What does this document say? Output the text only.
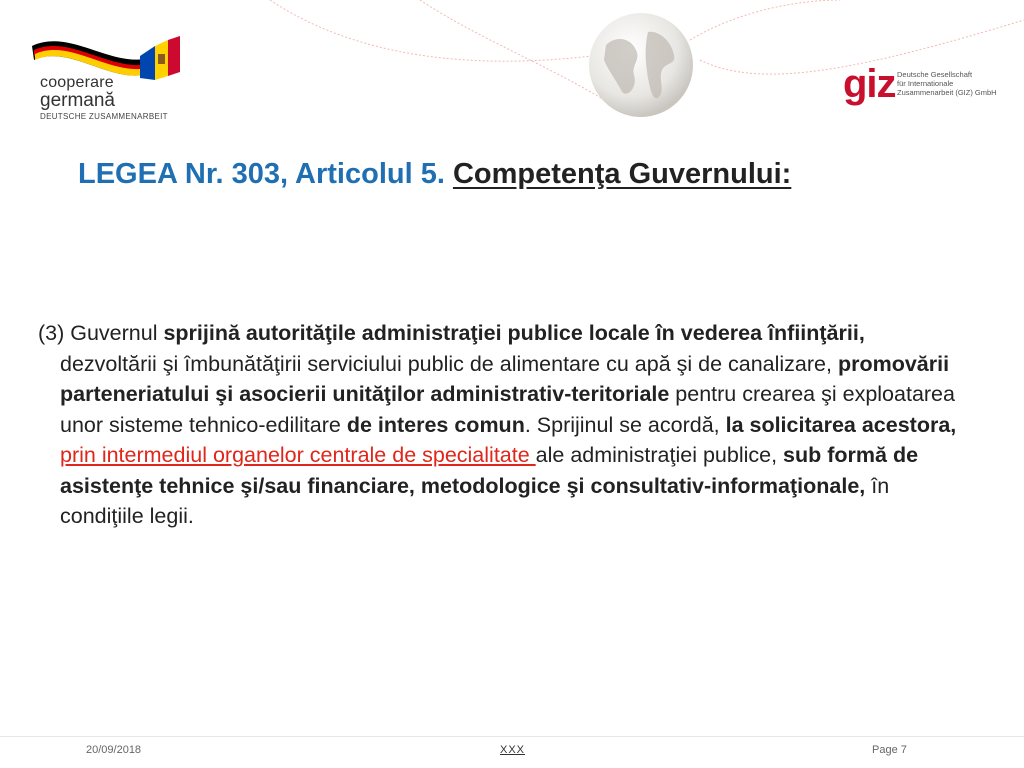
cooperare
germană
DEUTSCHE ZUSAMMENARBEIT
giz Deutsche Gesellschaft
für Internationale
Zusammenarbeit (GIZ) GmbH
LEGEA Nr. 303, Articolul 5. Competenţa Guvernului:
(3) Guvernul sprijină autorităţile administraţiei publice locale în vederea înfiinţării, dezvoltării şi îmbunătăţirii serviciului public de alimentare cu apă şi de canalizare, promovării parteneriatului şi asocierii unităţilor administrativ-teritoriale pentru crearea şi exploatarea unor sisteme tehnico-edilitare de interes comun. Sprijinul se acordă, la solicitarea acestora, prin intermediul organelor centrale de specialitate ale administraţiei publice, sub formă de asistenţe tehnice şi/sau financiare, metodologice şi consultativ-informaţionale, în condiţiile legii.
20/09/2018	XXX	Page 7
